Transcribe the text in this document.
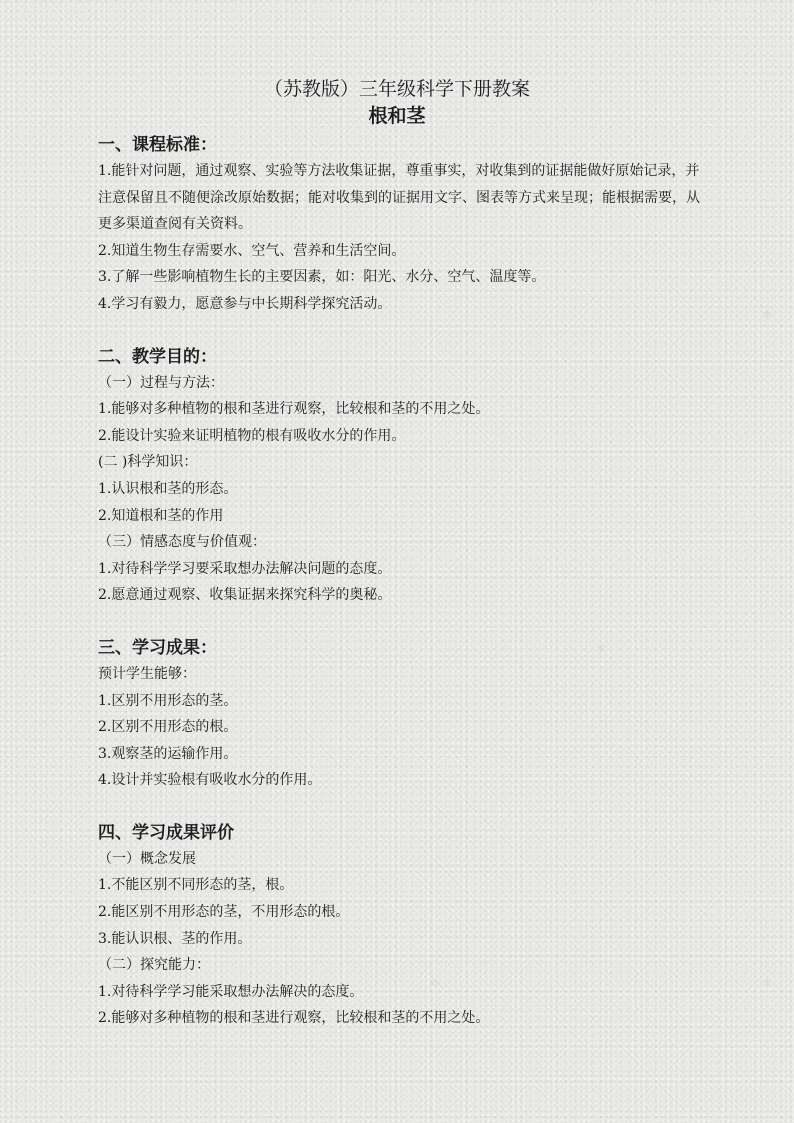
（苏教版）三年级科学下册教案
根和茎

一、课程标准：

1.能针对问题，通过观察、实验等方法收集证据，尊重事实，对收集到的证据能做好原始记录，并注意保留且不随便涂改原始数据；能对收集到的证据用文字、图表等方式来呈现；能根据需要，从更多渠道查阅有关资料。

2.知道生物生存需要水、空气、营养和生活空间。

3.了解一些影响植物生长的主要因素，如：阳光、水分、空气、温度等。

4.学习有毅力，愿意参与中长期科学探究活动。

二、教学目的：

（一）过程与方法：

1.能够对多种植物的根和茎进行观察，比较根和茎的不用之处。

2.能设计实验来证明植物的根有吸收水分的作用。

(二 )科学知识：

1.认识根和茎的形态。

2.知道根和茎的作用

（三）情感态度与价值观：

1.对待科学学习要采取想办法解决问题的态度。

2.愿意通过观察、收集证据来探究科学的奥秘。

三、学习成果：

预计学生能够：

1.区别不用形态的茎。

2.区别不用形态的根。

3.观察茎的运输作用。

4.设计并实验根有吸收水分的作用。

四、学习成果评价

（一）概念发展

1.不能区别不同形态的茎，根。

2.能区别不用形态的茎，不用形态的根。

3.能认识根、茎的作用。

（二）探究能力：

1.对待科学学习能采取想办法解决的态度。

2.能够对多种植物的根和茎进行观察，比较根和茎的不用之处。

✱
✱
✱	✱
